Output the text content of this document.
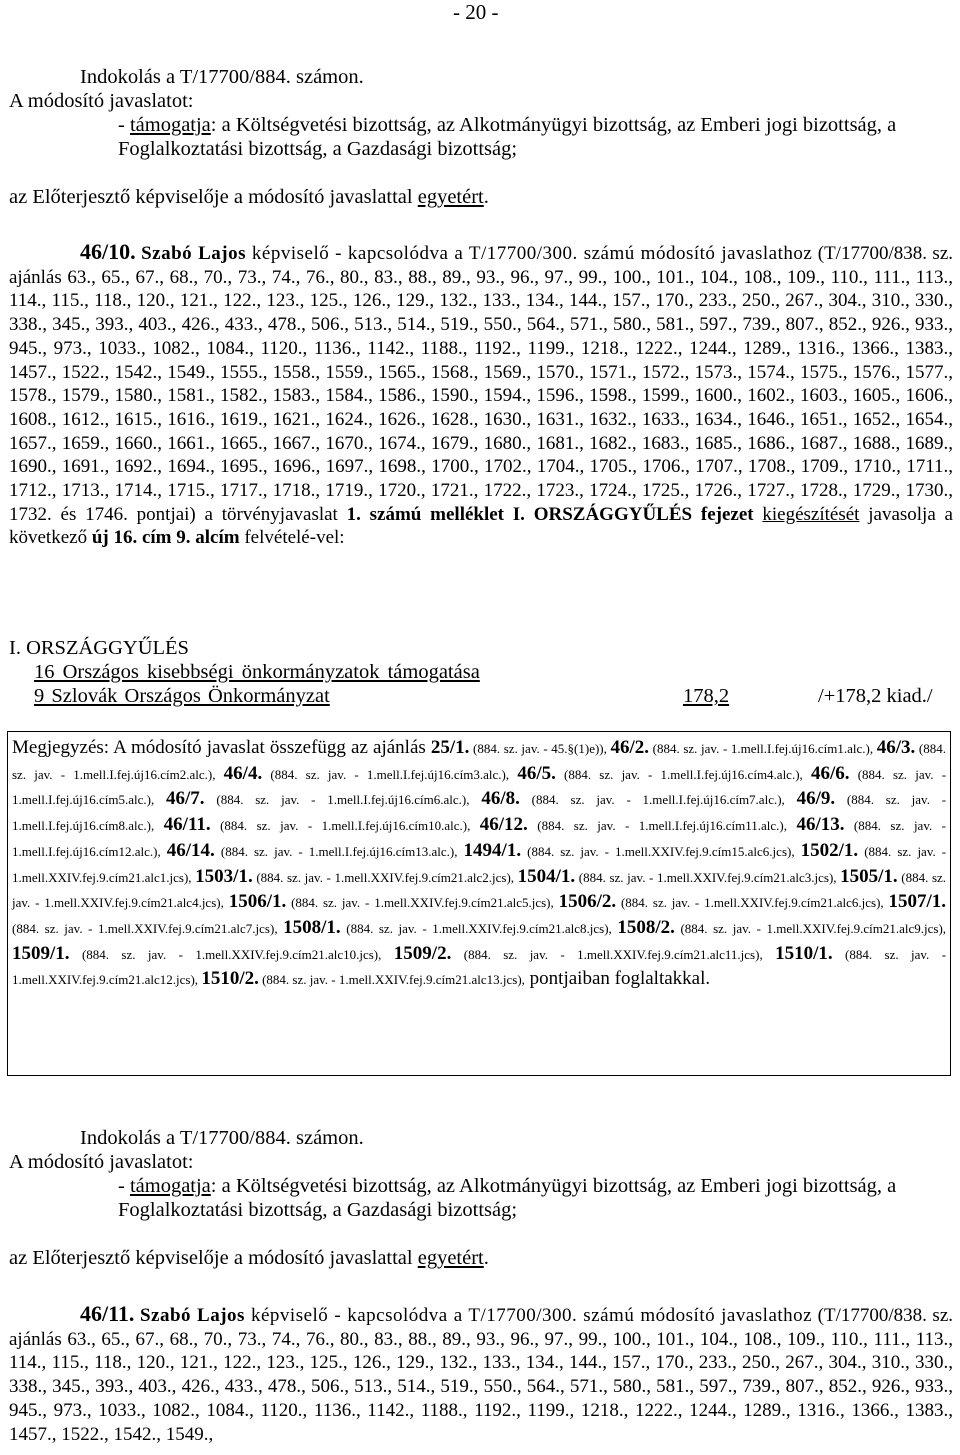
- 20 -
Indokolás a T/17700/884. számon.
A módosító javaslatot:
- támogatja: a Költségvetési bizottság, az Alkotmányügyi bizottság, az Emberi jogi bizottság, a
Foglalkoztatási bizottság, a Gazdasági bizottság;
az Előterjesztő képviselője a módosító javaslattal egyetért.
46/10. Szabó Lajos képviselő - kapcsolódva a T/17700/300. számú módosító javaslathoz (T/17700/838. sz. ajánlás 63., 65., 67., 68., 70., 73., 74., 76., 80., 83., 88., 89., 93., 96., 97., 99., 100., 101., 104., 108., 109., 110., 111., 113., 114., 115., 118., 120., 121., 122., 123., 125., 126., 129., 132., 133., 134., 144., 157., 170., 233., 250., 267., 304., 310., 330., 338., 345., 393., 403., 426., 433., 478., 506., 513., 514., 519., 550., 564., 571., 580., 581., 597., 739., 807., 852., 926., 933., 945., 973., 1033., 1082., 1084., 1120., 1136., 1142., 1188., 1192., 1199., 1218., 1222., 1244., 1289., 1316., 1366., 1383., 1457., 1522., 1542., 1549., 1555., 1558., 1559., 1565., 1568., 1569., 1570., 1571., 1572., 1573., 1574., 1575., 1576., 1577., 1578., 1579., 1580., 1581., 1582., 1583., 1584., 1586., 1590., 1594., 1596., 1598., 1599., 1600., 1602., 1603., 1605., 1606., 1608., 1612., 1615., 1616., 1619., 1621., 1624., 1626., 1628., 1630., 1631., 1632., 1633., 1634., 1646., 1651., 1652., 1654., 1657., 1659., 1660., 1661., 1665., 1667., 1670., 1674., 1679., 1680., 1681., 1682., 1683., 1685., 1686., 1687., 1688., 1689., 1690., 1691., 1692., 1694., 1695., 1696., 1697., 1698., 1700., 1702., 1704., 1705., 1706., 1707., 1708., 1709., 1710., 1711., 1712., 1713., 1714., 1715., 1717., 1718., 1719., 1720., 1721., 1722., 1723., 1724., 1725., 1726., 1727., 1728., 1729., 1730., 1732. és 1746. pontjai) a törvényjavaslat 1. számú melléklet I. ORSZÁGGYŰLÉS fejezet kiegészítését javasolja a következő új 16. cím 9. alcím felvételé-vel:
I. ORSZÁGGYŰLÉS
16 Országos kisebbségi önkormányzatok támogatása
9 Szlovák Országos Önkormányzat	178,2	/+178,2 kiad./
Megjegyzés: A módosító javaslat összefügg az ajánlás 25/1. (884. sz. jav. - 45.§(1)e)), 46/2. (884. sz. jav. - 1.mell.I.fej.új16.cím1.alc.), 46/3. (884. sz. jav. - 1.mell.I.fej.új16.cím2.alc.), 46/4. (884. sz. jav. - 1.mell.I.fej.új16.cím3.alc.), 46/5. (884. sz. jav. - 1.mell.I.fej.új16.cím4.alc.), 46/6. (884. sz. jav. - 1.mell.I.fej.új16.cím5.alc.), 46/7. (884. sz. jav. - 1.mell.I.fej.új16.cím6.alc.), 46/8. (884. sz. jav. - 1.mell.I.fej.új16.cím7.alc.), 46/9. (884. sz. jav. - 1.mell.I.fej.új16.cím8.alc.), 46/11. (884. sz. jav. - 1.mell.I.fej.új16.cím10.alc.), 46/12. (884. sz. jav. - 1.mell.I.fej.új16.cím11.alc.), 46/13. (884. sz. jav. - 1.mell.I.fej.új16.cím12.alc.), 46/14. (884. sz. jav. - 1.mell.I.fej.új16.cím13.alc.), 1494/1. (884. sz. jav. - 1.mell.XXIV.fej.9.cím15.alc6.jcs), 1502/1. (884. sz. jav. - 1.mell.XXIV.fej.9.cím21.alc1.jcs), 1503/1. (884. sz. jav. - 1.mell.XXIV.fej.9.cím21.alc2.jcs), 1504/1. (884. sz. jav. - 1.mell.XXIV.fej.9.cím21.alc3.jcs), 1505/1. (884. sz. jav. - 1.mell.XXIV.fej.9.cím21.alc4.jcs), 1506/1. (884. sz. jav. - 1.mell.XXIV.fej.9.cím21.alc5.jcs), 1506/2. (884. sz. jav. - 1.mell.XXIV.fej.9.cím21.alc6.jcs), 1507/1. (884. sz. jav. - 1.mell.XXIV.fej.9.cím21.alc7.jcs), 1508/1. (884. sz. jav. - 1.mell.XXIV.fej.9.cím21.alc8.jcs), 1508/2. (884. sz. jav. - 1.mell.XXIV.fej.9.cím21.alc9.jcs), 1509/1. (884. sz. jav. - 1.mell.XXIV.fej.9.cím21.alc10.jcs), 1509/2. (884. sz. jav. - 1.mell.XXIV.fej.9.cím21.alc11.jcs), 1510/1. (884. sz. jav. - 1.mell.XXIV.fej.9.cím21.alc12.jcs), 1510/2. (884. sz. jav. - 1.mell.XXIV.fej.9.cím21.alc13.jcs), pontjaiban foglaltakkal.
Indokolás a T/17700/884. számon.
A módosító javaslatot:
- támogatja: a Költségvetési bizottság, az Alkotmányügyi bizottság, az Emberi jogi bizottság, a
Foglalkoztatási bizottság, a Gazdasági bizottság;
az Előterjesztő képviselője a módosító javaslattal egyetért.
46/11. Szabó Lajos képviselő - kapcsolódva a T/17700/300. számú módosító javaslathoz (T/17700/838. sz. ajánlás 63., 65., 67., 68., 70., 73., 74., 76., 80., 83., 88., 89., 93., 96., 97., 99., 100., 101., 104., 108., 109., 110., 111., 113., 114., 115., 118., 120., 121., 122., 123., 125., 126., 129., 132., 133., 134., 144., 157., 170., 233., 250., 267., 304., 310., 330., 338., 345., 393., 403., 426., 433., 478., 506., 513., 514., 519., 550., 564., 571., 580., 581., 597., 739., 807., 852., 926., 933., 945., 973., 1033., 1082., 1084., 1120., 1136., 1142., 1188., 1192., 1199., 1218., 1222., 1244., 1289., 1316., 1366., 1383., 1457., 1522., 1542., 1549.,
